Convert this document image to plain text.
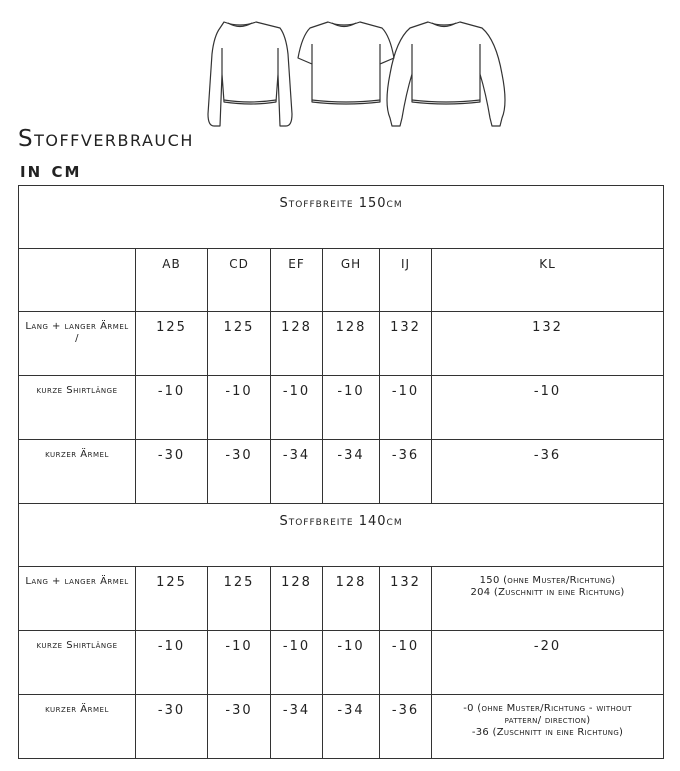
Stoffverbrauch
in cm
Stoffbreite 150cm						
	AB	CD	EF	GH	IJ	KL
Lang + langer Ärmel /	125	125	128	128	132	132
kurze Shirtlänge	-10	-10	-10	-10	-10	-10
kurzer Ärmel	-30	-30	-34	-34	-36	-36
Stoffbreite 140cm						
Lang + langer Ärmel	125	125	128	128	132	150 (ohne Muster/Richtung)
204 (Zuschnitt in eine Richtung)

kurze Shirtlänge	-10	-10	-10	-10	-10	-20
kurzer Ärmel	-30	-30	-34	-34	-36	-0 (ohne Muster/Richtung - without
pattern/ direction)
-36 (Zuschnitt in eine Richtung)
